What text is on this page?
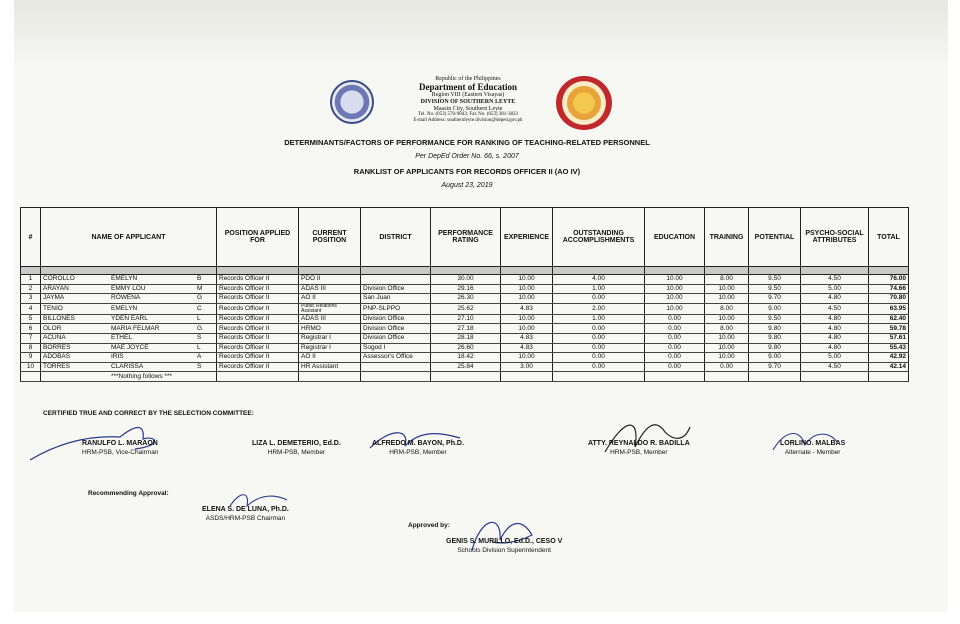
Republic of the Philippines
Department of Education
Region VIII (Eastern Visayas)
DIVISION OF SOUTHERN LEYTE
Maasin City, Southern Leyte
Tel. No. (053) 570-9843; Fax No. (053) 381-3833
E-mail Address: southernleyte.division@deped.gov.ph
DETERMINANTS/FACTORS OF PERFORMANCE FOR RANKING OF TEACHING-RELATED PERSONNEL
Per DepEd Order No. 66, s. 2007
RANKLIST OF APPLICANTS FOR RECORDS OFFICER II (AO IV)
August 23, 2019
#	NAME OF APPLICANT	POSITION APPLIED FOR	CURRENT POSITION	DISTRICT	PERFORMANCE RATING	EXPERIENCE	OUTSTANDING ACCOMPLISHMENTS	EDUCATION	TRAINING	POTENTIAL	PSYCHO-SOCIAL ATTRIBUTES	TOTAL

1	COROLLO EMELYN B	Records Officer II	PDO II		30.00	10.00	4.00	10.00	8.00	9.50	4.50	76.00
2	ARAYAN EMMY LOU M	Records Officer II	ADAS III	Division Office	29.16	10.00	1.00	10.00	10.00	9.50	5.00	74.66
3	JAYMA ROWENA G	Records Officer II	AO II	San Juan	26.30	10.00	0.00	10.00	10.00	9.70	4.80	70.80
4	TENIO EMELYN C	Records Officer II	Public Relations Assistant	PNP-SLPPO	25.62	4.83	2.00	10.00	8.00	9.00	4.50	63.95
5	BILLONES YDEN EARL L	Records Officer II	ADAS III	Division Office	27.10	10.00	1.00	0.00	10.00	9.50	4.80	62.40
6	OLOR MARIA FELMAR G	Records Officer II	HRMO	Division Office	27.18	10.00	0.00	0.00	8.00	9.80	4.80	59.78
7	ACUÑA ETHEL S	Records Officer II	Registrar I	Division Office	28.18	4.83	0.00	0.00	10.00	9.80	4.80	57.61
8	BORRES MAE JOYCE L	Records Officer II	Registrar I	Sogod I	26.60	4.83	0.00	0.00	10.00	9.80	4.80	55.43
9	ADOBAS IRIS A	Records Officer II	AO II	Assessor's Office	18.42	10.00	0.00	0.00	10.00	9.00	5.00	42.92
10	TORRES CLARISSA S	Records Officer II	HR Assistant		25.84	3.00	0.00	0.00	0.00	9.70	4.50	42.14
	***Nothing follows ***											
CERTIFIED TRUE AND CORRECT BY THE SELECTION COMMITTEE:
RANULFO L. MARAON
HRM-PSB, Vice-Chairman
LIZA L. DEMETERIO, Ed.D.
HRM-PSB, Member
ALFREDO M. BAYON, Ph.D.
HRM-PSB, Member
ATTY. REYNALDO R. BADILLA
HRM-PSB, Member
LORLINO. MALBAS
Alternate - Member
Recommending Approval:
ELENA S. DE LUNA, Ph.D.
ASDS/HRM-PSB Chairman
Approved by:
GENIS S. MURILLO, Ed.D., CESO V
Schools Division Superintendent
